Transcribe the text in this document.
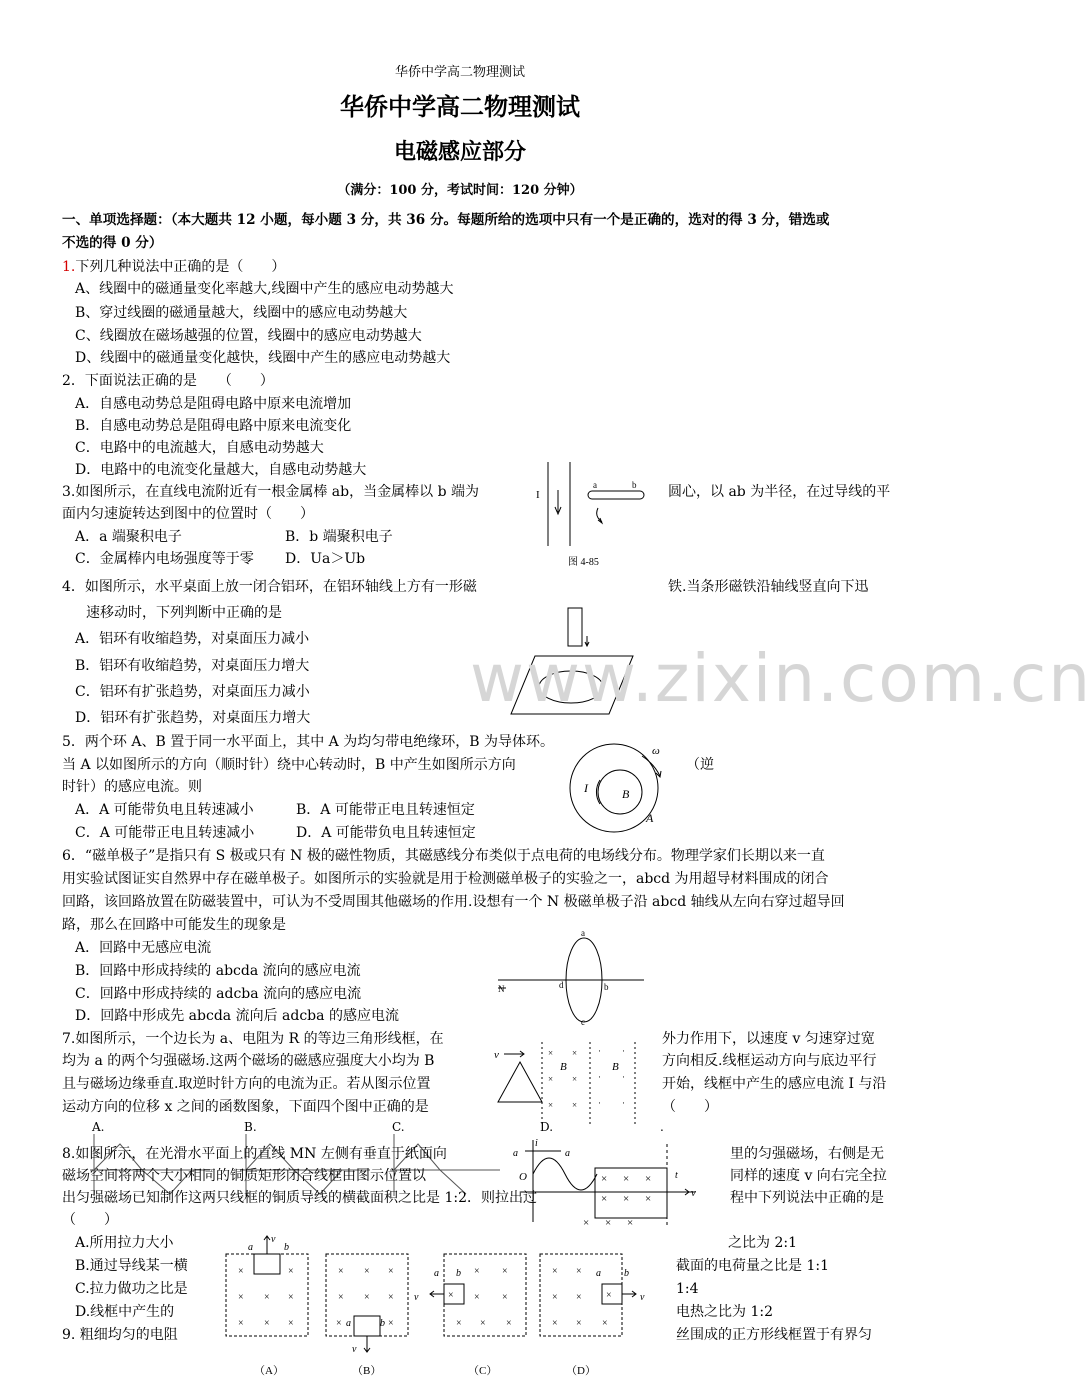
华侨中学高二物理测试
华侨中学高二物理测试
电磁感应部分
（满分：100 分，考试时间：120 分钟）
一、单项选择题：（本大题共 12 小题，每小题 3 分，共 36 分。每题所给的选项中只有一个是正确的，选对的得 3 分，错选或
不选的得 0 分）
1.下列几种说法中正确的是（　　）
A、线圈中的磁通量变化率越大,线圈中产生的感应电动势越大
B、穿过线圈的磁通量越大，线圈中的感应电动势越大
C、线圈放在磁场越强的位置，线圈中的感应电动势越大
D、线圈中的磁通量变化越快，线圈中产生的感应电动势越大
2．下面说法正确的是　　（　　）
A．自感电动势总是阻碍电路中原来电流增加
B．自感电动势总是阻碍电路中原来电流变化
C．电路中的电流越大，自感电动势越大
D．电路中的电流变化量越大，自感电动势越大
3.如图所示，在直线电流附近有一根金属棒 ab，当金属棒以 b 端为	圆心，以 ab 为半径，在过导线的平
面内匀速旋转达到图中的位置时（　　）
A．a 端聚积电子	B．b 端聚积电子
C．金属棒内电场强度等于零 D．Ua＞Ub
I
a	b
图 4-85
4．如图所示，水平桌面上放一闭合铝环，在铝环轴线上方有一形磁	铁.当条形磁铁沿轴线竖直向下迅
速移动时，下列判断中正确的是
A．铝环有收缩趋势，对桌面压力减小
B．铝环有收缩趋势，对桌面压力增大
C．铝环有扩张趋势，对桌面压力减小
D．铝环有扩张趋势，对桌面压力增大
5．两个环 A、B 置于同一水平面上，其中 A 为均匀带电绝缘环，B 为导体环。
当 A 以如图所示的方向（顺时针）绕中心转动时，B 中产生如图所示方向	（逆
时针）的感应电流。则
A．A 可能带负电且转速减小	B．A 可能带正电且转速恒定
C．A 可能带正电且转速减小	D．A 可能带负电且转速恒定
ω
I	B
A
6．“磁单极子”是指只有 S 极或只有 N 极的磁性物质，其磁感线分布类似于点电荷的电场线分布。物理学家们长期以来一直
用实验试图证实自然界中存在磁单极子。如图所示的实验就是用于检测磁单极子的实验之一，abcd 为用超导材料围成的闭合
回路，该回路放置在防磁装置中，可认为不受周围其他磁场的作用.设想有一个 N 极磁单极子沿 abcd 轴线从左向右穿过超导回
路，那么在回路中可能发生的现象是
A．回路中无感应电流
B．回路中形成持续的 abcda 流向的感应电流
C．回路中形成持续的 adcba 流向的感应电流
D．回路中形成先 abcda 流向后 adcba 的感应电流
a
b
c
d
N
7.如图所示，一个边长为 a、电阻为 R 的等边三角形线框，在	外力作用下，以速度 v 匀速穿过宽
均为 a 的两个匀强磁场.这两个磁场的磁感应强度大小均为 B	方向相反.线框运动方向与底边平行
且与磁场边缘垂直.取逆时针方向的电流为正。若从图示位置	开始，线框中产生的感应电流 I 与沿
运动方向的位移 x 之间的函数图象，下面四个图中正确的是	（　　）
v	× ×
× ×
× ×
· ·
· ·
· ·
B	B
A.	B.	C.	D.	.
8.如图所示，在光滑水平面上的直线 MN 左侧有垂直于纸面向	里的匀强磁场，右侧是无
磁场空间将两个大小相同的铜质矩形闭合线框由图示位置以	同样的速度 v 向右完全拉
出匀强磁场已知制作这两只线框的铜质导线的横截面积之比是 1:2．则拉出过	程中下列说法中正确的是
（　　）
O
i
a	a
× × ×
× × ×
× × ×
v
t
A.所用拉力大小	之比为 2:1
B.通过导线某一横	截面的电荷量之比是 1:1
C.拉力做功之比是	1:4
D.线框中产生的	电热之比为 1:2
9. 粗细均匀的电阻	丝围成的正方形线框置于有界匀
×	×
× × ×
× × ×
× × ×
× × ×
×
× ×
× ×
× × ×
× ×
× ×
× × ×
×	×
×
a	b
v
a	b
v
a b
v
a b
v
（A）	（B）	（C）	（D）
www.zixin.com.cn
